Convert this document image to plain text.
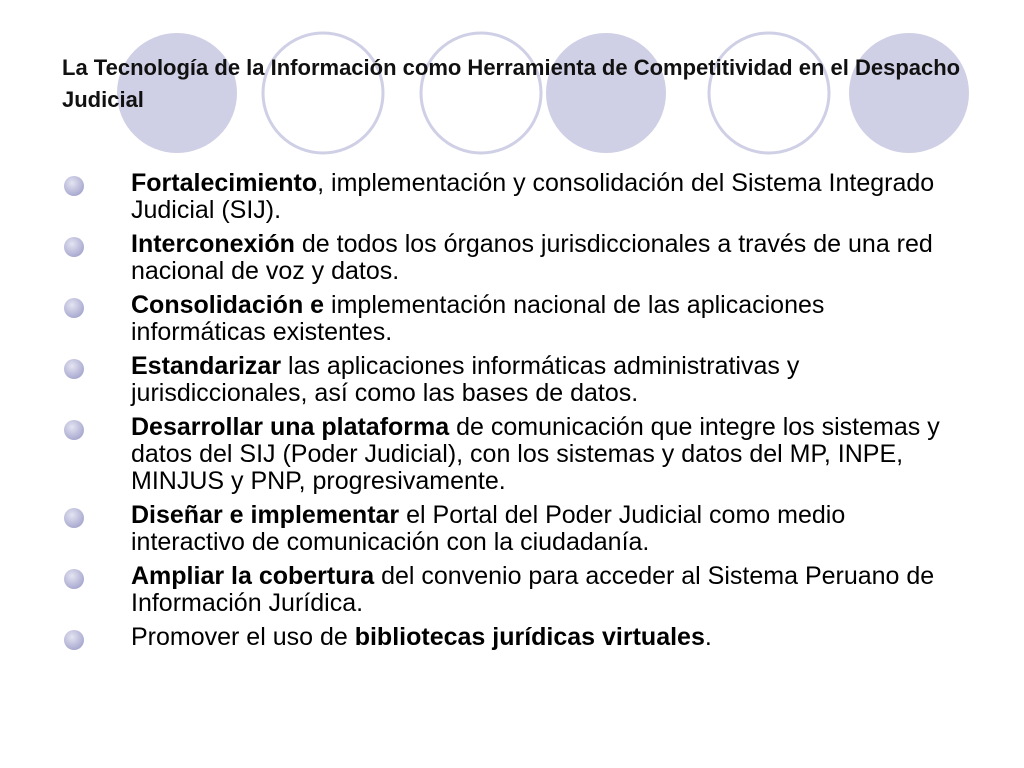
La Tecnología de la Información como Herramienta de Competitividad en el Despacho Judicial
Fortalecimiento, implementación y consolidación del Sistema Integrado Judicial (SIJ).
Interconexión de todos los órganos jurisdiccionales a través de una red nacional de voz y datos.
Consolidación e implementación nacional de las aplicaciones informáticas existentes.
Estandarizar las aplicaciones informáticas administrativas y jurisdiccionales, así como las bases de datos.
Desarrollar una plataforma de comunicación que integre los sistemas y datos del SIJ (Poder Judicial), con los sistemas y datos del MP, INPE, MINJUS y PNP, progresivamente.
Diseñar e implementar el Portal del Poder Judicial como medio interactivo de comunicación con la ciudadanía.
Ampliar la cobertura del convenio para acceder al Sistema Peruano de Información Jurídica.
Promover el uso de bibliotecas jurídicas virtuales.
